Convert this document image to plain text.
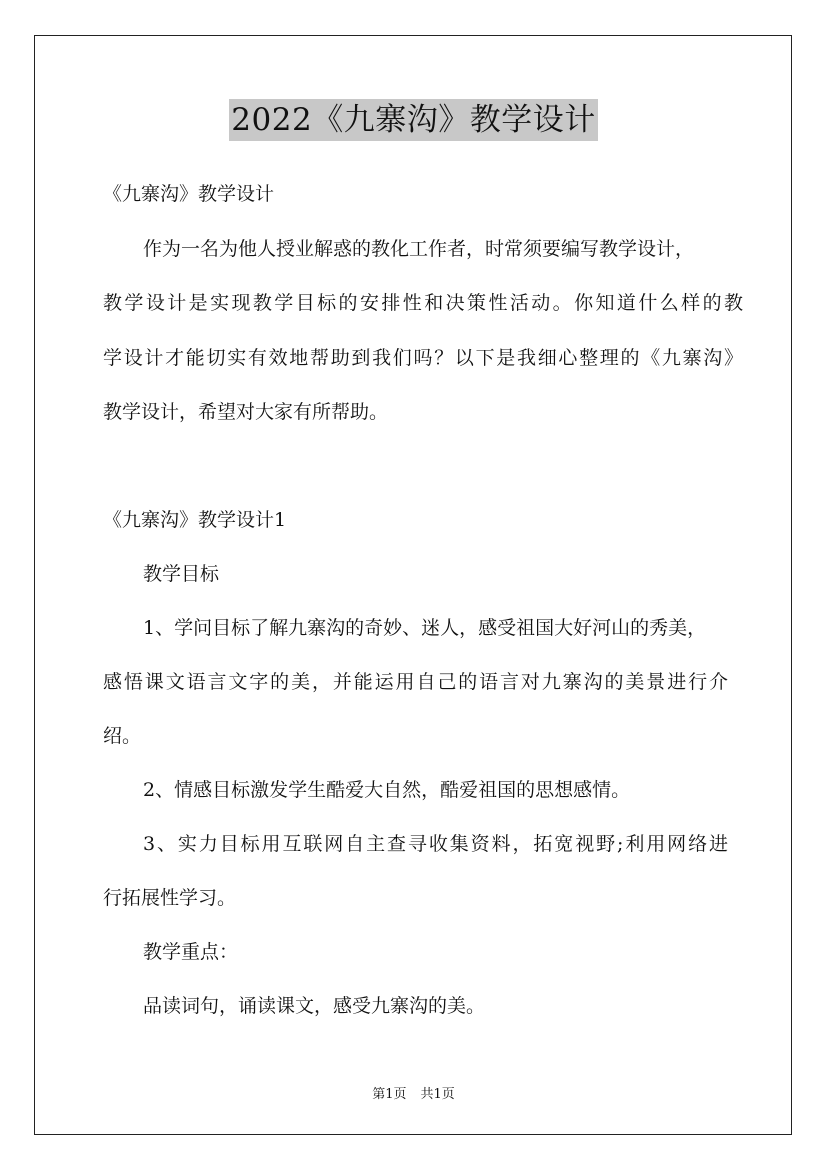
2022《九寨沟》教学设计
《九寨沟》教学设计
作为一名为他人授业解惑的教化工作者，时常须要编写教学设计，
教学设计是实现教学目标的安排性和决策性活动。你知道什么样的教
学设计才能切实有效地帮助到我们吗？以下是我细心整理的《九寨沟》
教学设计，希望对大家有所帮助。
《九寨沟》教学设计1
教学目标
1、学问目标了解九寨沟的奇妙、迷人，感受祖国大好河山的秀美，
感悟课文语言文字的美，并能运用自己的语言对九寨沟的美景进行介
绍。
2、情感目标激发学生酷爱大自然，酷爱祖国的思想感情。
3、实力目标用互联网自主查寻收集资料，拓宽视野;利用网络进
行拓展性学习。
教学重点：
品读词句，诵读课文，感受九寨沟的美。
第1页 共1页
